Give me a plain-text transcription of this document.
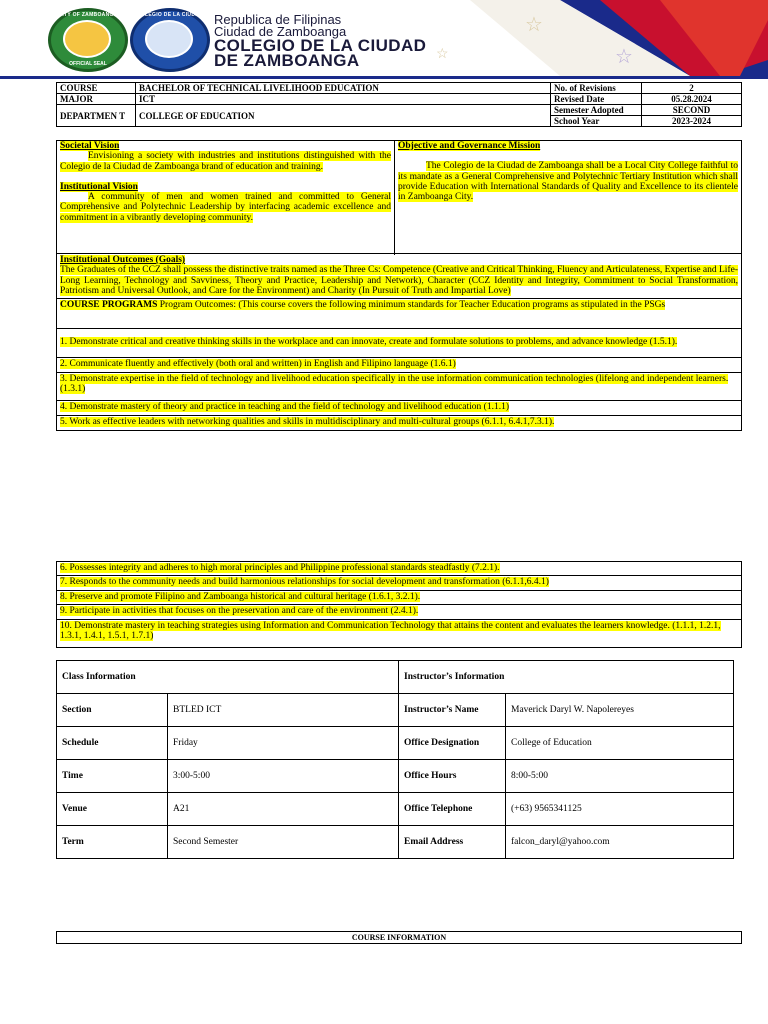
☆
☆
☆
CITY OF ZAMBOANGA
OFFICIAL SEAL
COLEGIO DE LA CIUDAD Republica de Filipinas
Ciudad de Zamboanga
COLEGIO DE LA CIUDAD
DE ZAMBOANGA
COURSE	BACHELOR OF TECHNICAL LIVELIHOOD EDUCATION	No. of Revisions	2
MAJOR	ICT	Revised Date	05.28.2024
DEPARTMEN T	COLLEGE OF EDUCATION	Semester Adopted	SECOND
		School Year	2023-2024

Societal Vision

Envisioning a society with industries and institutions distinguished with the Colegio de la Ciudad de Zamboanga brand of education and training.

Institutional Vision

A community of men and women trained and committed to General Comprehensive and Polytechnic Leadership by interfacing academic excellence and commitment in a vibrantly developing community.

Objective and Governance Mission

The Colegio de la Ciudad de Zamboanga shall be a Local City College faithful to its mandate as a General Comprehensive and Polytechnic Tertiary Institution which shall provide Education with International Standards of Quality and Excellence to its clientele in Zamboanga City.

Institutional Outcomes (Goals)
The Graduates of the CCZ shall possess the distinctive traits named as the Three Cs: Competence (Creative and Critical Thinking, Fluency and Articulateness, Expertise and Life-Long Learning, Technology and Savviness, Theory and Practice, Leadership and Network), Character (CCZ Identity and Integrity, Commitment to Social Transformation, Patriotism and Universal Outlook, and Care for the Environment) and Charity (In Pursuit of Truth and Impartial Love)
COURSE PROGRAMS Program Outcomes: (This course covers the following minimum standards for Teacher Education programs as stipulated in the PSGs
1. Demonstrate critical and creative thinking skills in the workplace and can innovate, create and formulate solutions to problems, and advance knowledge (1.5.1).
2. Communicate fluently and effectively (both oral and written) in English and Filipino language (1.6.1)
3. Demonstrate expertise in the field of technology and livelihood education specifically in the use information communication technologies (lifelong and independent learners. (1.3.1)
4. Demonstrate mastery of theory and practice in teaching and the field of technology and livelihood education (1.1.1)
5. Work as effective leaders with networking qualities and skills in multidisciplinary and multi-cultural groups (6.1.1, 6.4.1,7.3.1).
6. Possesses integrity and adheres to high moral principles and Philippine professional standards steadfastly (7.2.1).
7. Responds to the community needs and build harmonious relationships for social development and transformation (6.1.1,6.4.1)
8. Preserve and promote Filipino and Zamboanga historical and cultural heritage (1.6.1, 3.2.1).
9. Participate in activities that focuses on the preservation and care of the environment (2.4.1).
10. Demonstrate mastery in teaching strategies using Information and Communication Technology that attains the content and evaluates the learners knowledge. (1.1.1, 1.2.1, 1.3.1, 1.4.1, 1.5.1, 1.7.1)
Class Information		Instructor’s Information	
Section	BTLED ICT	Instructor’s Name	Maverick Daryl W. Napolereyes
Schedule	Friday	Office Designation	College of Education
Time	3:00-5:00	Office Hours	8:00-5:00
Venue	A21	Office Telephone	(+63) 9565341125
Term	Second Semester	Email Address	falcon_daryl@yahoo.com
COURSE INFORMATION
